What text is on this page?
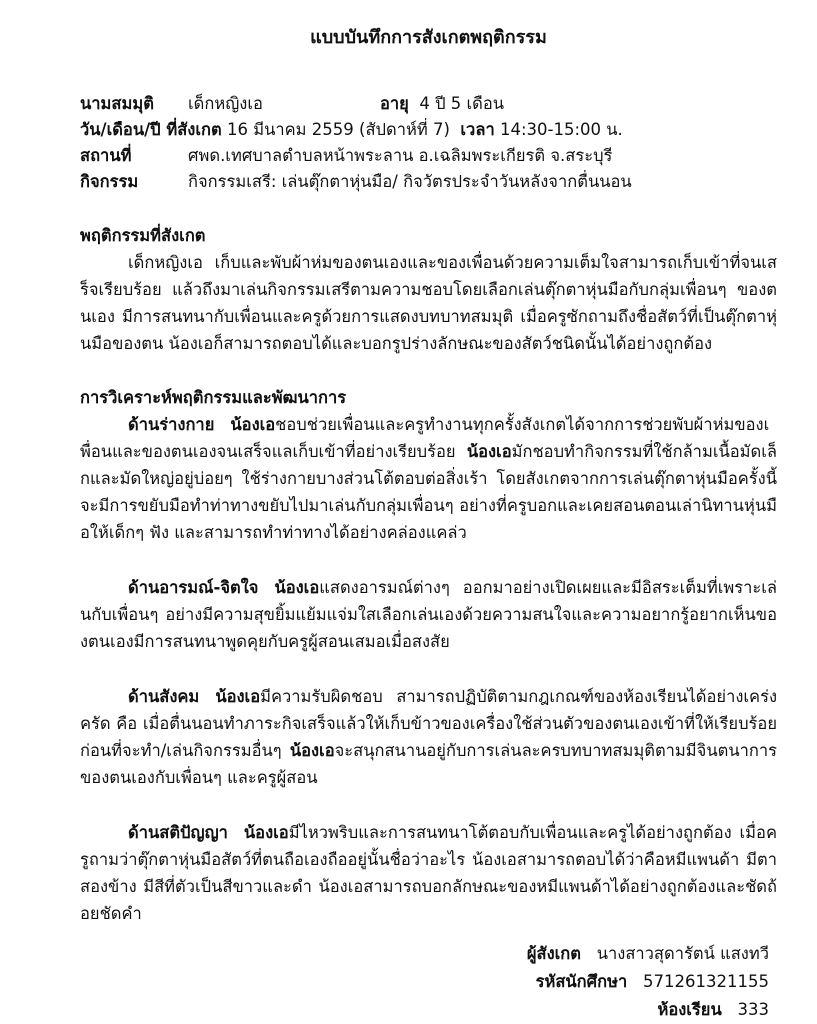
แบบบันทึกการสังเกตพฤติกรรม
นามสมมุติ เด็กหญิงเอ	อายุ 4 ปี 5 เดือน
วัน/เดือน/ปี ที่สังเกต 16 มีนาคม 2559 (สัปดาห์ที่ 7) เวลา 14:30-15:00 น.
สถานที่	ศพด.เทศบาลตำบลหน้าพระลาน อ.เฉลิมพระเกียรติ จ.สระบุรี
กิจกรรม	กิจกรรมเสรี: เล่นตุ๊กตาหุ่นมือ/ กิจวัตรประจำวันหลังจากตื่นนอน
พฤติกรรมที่สังเกต

เด็กหญิงเอ เก็บและพับผ้าห่มของตนเองและของเพื่อนด้วยความเต็มใจสามารถเก็บเข้าที่จนเสร็จเรียบร้อย แล้วถึงมาเล่นกิจกรรมเสรีตามความชอบโดยเลือกเล่นตุ๊กตาหุ่นมือกับกลุ่มเพื่อนๆ ของตนเอง มีการสนทนากับเพื่อนและครูด้วยการแสดงบทบาทสมมุติ เมื่อครูซักถามถึงชื่อสัตว์ที่เป็นตุ๊กตาหุ่นมือของตน น้องเอก็สามารถตอบได้และบอกรูปร่างลักษณะของสัตว์ชนิดนั้นได้อย่างถูกต้อง

การวิเคราะห์พฤติกรรมและพัฒนาการ

ด้านร่างกาย น้องเอชอบช่วยเพื่อนและครูทำงานทุกครั้งสังเกตได้จากการช่วยพับผ้าห่มของเพื่อนและของตนเองจนเสร็จแลเก็บเข้าที่อย่างเรียบร้อย น้องเอมักชอบทำกิจกรรมที่ใช้กล้ามเนื้อมัดเล็กและมัดใหญ่อยู่บ่อยๆ ใช้ร่างกายบางส่วนโต้ตอบต่อสิ่งเร้า โดยสังเกตจากการเล่นตุ๊กตาหุ่นมือครั้งนี้จะมีการขยับมือทำท่าทางขยับไปมาเล่นกับกลุ่มเพื่อนๆ อย่างที่ครูบอกและเคยสอนตอนเล่านิทานหุ่นมือให้เด็กๆ ฟัง และสามารถทำท่าทางได้อย่างคล่องแคล่ว

ด้านอารมณ์-จิตใจ น้องเอแสดงอารมณ์ต่างๆ ออกมาอย่างเปิดเผยและมีอิสระเต็มที่เพราะเล่นกับเพื่อนๆ อย่างมีความสุขยิ้มแย้มแจ่มใสเลือกเล่นเองด้วยความสนใจและความอยากรู้อยากเห็นของตนเองมีการสนทนาพูดคุยกับครูผู้สอนเสมอเมื่อสงสัย

ด้านสังคม น้องเอมีความรับผิดชอบ สามารถปฏิบัติตามกฎเกณฑ์ของห้องเรียนได้อย่างเคร่งครัด คือ เมื่อตื่นนอนทำภาระกิจเสร็จแล้วให้เก็บข้าวของเครื่องใช้ส่วนตัวของตนเองเข้าที่ให้เรียบร้อยก่อนที่จะทำ/เล่นกิจกรรมอื่นๆ น้องเอจะสนุกสนานอยู่กับการเล่นละครบทบาทสมมุติตามมีจินตนาการของตนเองกับเพื่อนๆ และครูผู้สอน

ด้านสติปัญญา น้องเอมีไหวพริบและการสนทนาโต้ตอบกับเพื่อนและครูได้อย่างถูกต้อง เมื่อครูถามว่าตุ๊กตาหุ่นมือสัตว์ที่ตนถือเองถืออยู่นั้นชื่อว่าอะไร น้องเอสามารถตอบได้ว่าคือหมีแพนด้า มีตาสองข้าง มีสีที่ตัวเป็นสีขาวและดำ น้องเอสามารถบอกลักษณะของหมีแพนด้าได้อย่างถูกต้องและชัดถ้อยชัดคำ

ผู้สังเกต นางสาวสุดารัตน์ แสงทวี
รหัสนักศึกษา 571261321155
ห้องเรียน 333
